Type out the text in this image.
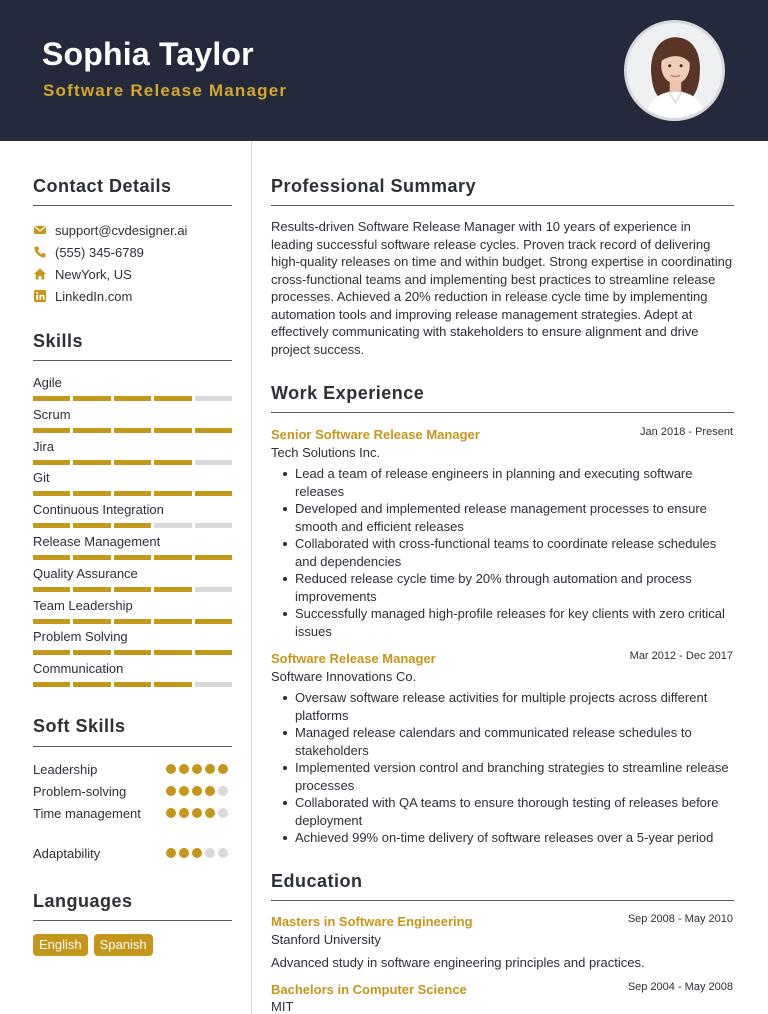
Sophia Taylor
Software Release Manager
Contact Details
support@cvdesigner.ai
(555) 345-6789
NewYork, US
LinkedIn.com
Skills
Agile
Scrum
Jira
Git
Continuous Integration
Release Management
Quality Assurance
Team Leadership
Problem Solving
Communication
Soft Skills
Leadership
Problem-solving
Time management
Adaptability
Languages
English	Spanish
Professional Summary
Results-driven Software Release Manager with 10 years of experience in leading successful software release cycles. Proven track record of delivering high-quality releases on time and within budget. Strong expertise in coordinating cross-functional teams and implementing best practices to streamline release processes. Achieved a 20% reduction in release cycle time by implementing automation tools and improving release management strategies. Adept at effectively communicating with stakeholders to ensure alignment and drive project success.
Work Experience
Senior Software Release Manager	Jan 2018 - Present
Tech Solutions Inc.
Lead a team of release engineers in planning and executing software releases
Developed and implemented release management processes to ensure smooth and efficient releases
Collaborated with cross-functional teams to coordinate release schedules and dependencies
Reduced release cycle time by 20% through automation and process improvements
Successfully managed high-profile releases for key clients with zero critical issues
Software Release Manager	Mar 2012 - Dec 2017
Software Innovations Co.
Oversaw software release activities for multiple projects across different platforms
Managed release calendars and communicated release schedules to stakeholders
Implemented version control and branching strategies to streamline release processes
Collaborated with QA teams to ensure thorough testing of releases before deployment
Achieved 99% on-time delivery of software releases over a 5-year period
Education
Masters in Software Engineering	Sep 2008 - May 2010
Stanford University
Advanced study in software engineering principles and practices.
Bachelors in Computer Science	Sep 2004 - May 2008
MIT
